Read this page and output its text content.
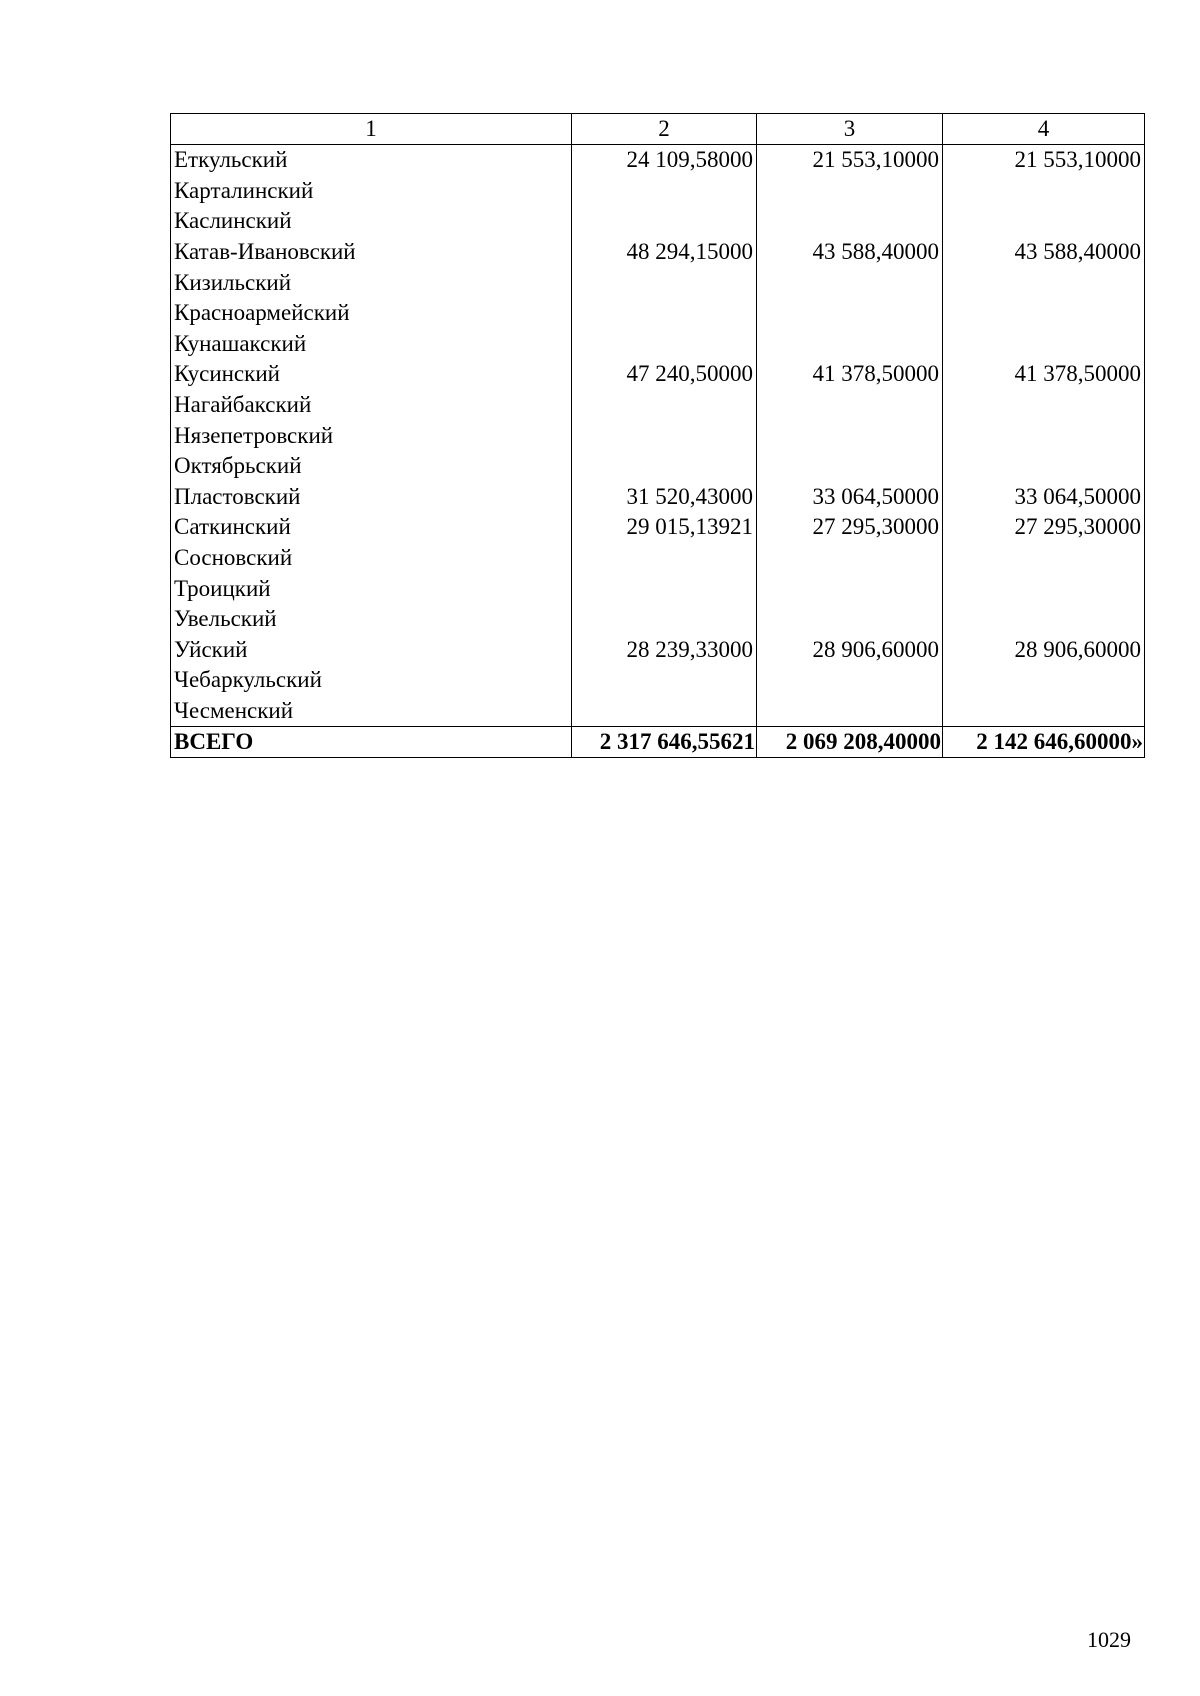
1	2	3	4
Еткульский	24 109,58000	21 553,10000	21 553,10000
Карталинский			
Каслинский			
Катав-Ивановский	48 294,15000	43 588,40000	43 588,40000
Кизильский			
Красноармейский			
Кунашакский			
Кусинский	47 240,50000	41 378,50000	41 378,50000
Нагайбакский			
Нязепетровский			
Октябрьский			
Пластовский	31 520,43000	33 064,50000	33 064,50000
Саткинский	29 015,13921	27 295,30000	27 295,30000
Сосновский			
Троицкий			
Увельский			
Уйский	28 239,33000	28 906,60000	28 906,60000
Чебаркульский			
Чесменский			
ВСЕГО	2 317 646,55621	2 069 208,40000	2 142 646,60000»
1029
